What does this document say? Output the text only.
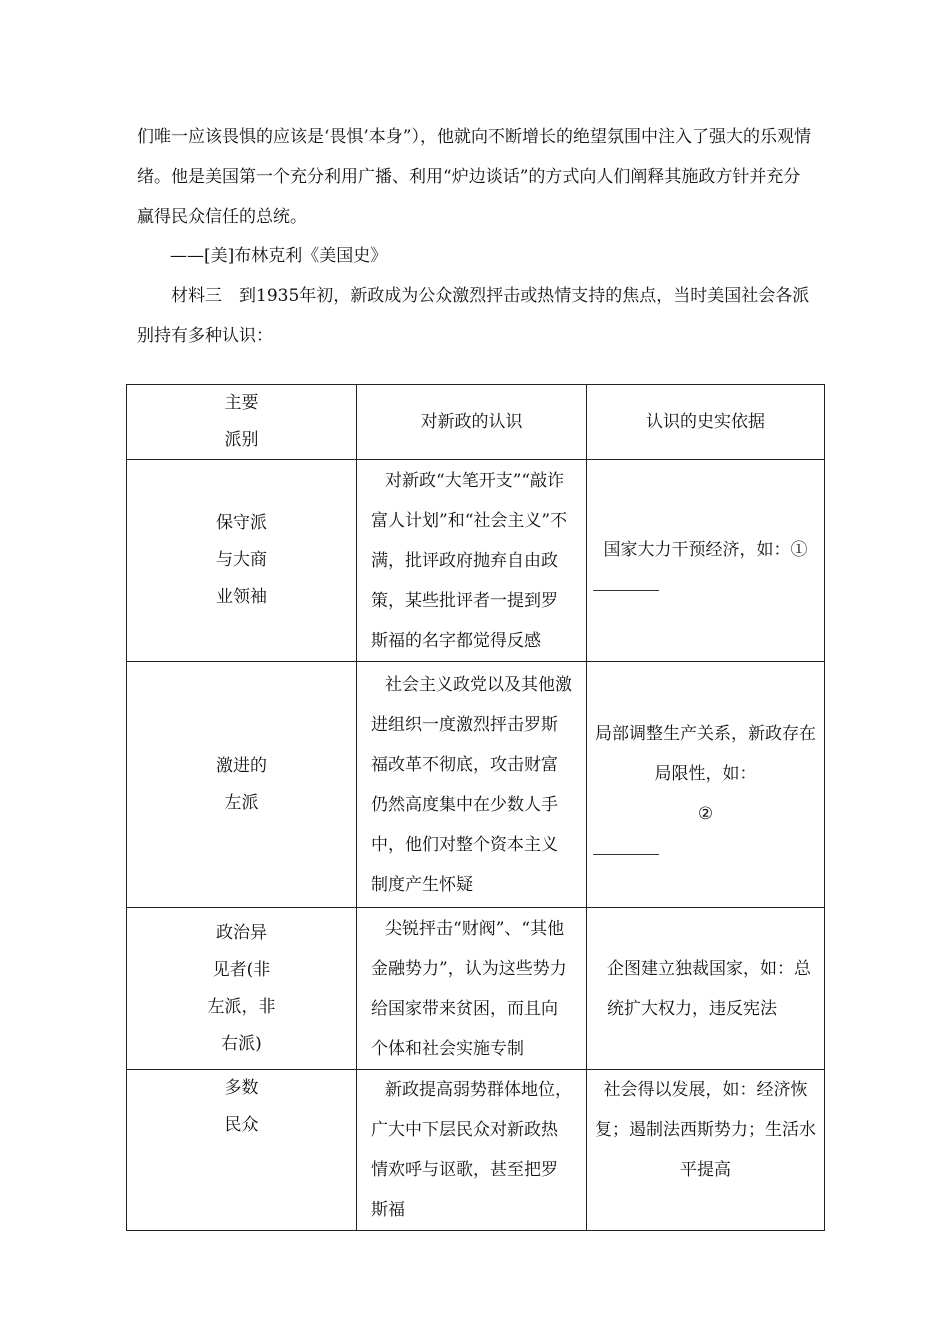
们唯一应该畏惧的应该是‘畏惧’本身”），他就向不断增长的绝望氛围中注入了强大的乐观情绪。他是美国第一个充分利用广播、利用“炉边谈话”的方式向人们阐释其施政方针并充分赢得民众信任的总统。

——[美]布林克利《美国史》

材料三　到1935年初，新政成为公众激烈抨击或热情支持的焦点，当时美国社会各派别持有多种认识：

主要
派别	对新政的认识	认识的史实依据

保守派
与大商
业领袖	对新政“大笔开支”“敲诈富人计划”和“社会主义”不满，批评政府抛弃自由政策，某些批评者一提到罗斯福的名字都觉得反感	国家大力干预经济，如：①

激进的
左派	社会主义政党以及其他激进组织一度激烈抨击罗斯福改革不彻底，攻击财富仍然高度集中在少数人手中，他们对整个资本主义制度产生怀疑	局部调整生产关系，新政存在局限性，如：
②

政治异
见者(非
左派，非
右派)	尖锐抨击“财阀”、“其他金融势力”，认为这些势力给国家带来贫困，而且向个体和社会实施专制	企图建立独裁国家，如：总统扩大权力，违反宪法

多数
民众	新政提高弱势群体地位，广大中下层民众对新政热情欢呼与讴歌，甚至把罗斯福	社会得以发展，如：经济恢复；遏制法西斯势力；生活水平提高
